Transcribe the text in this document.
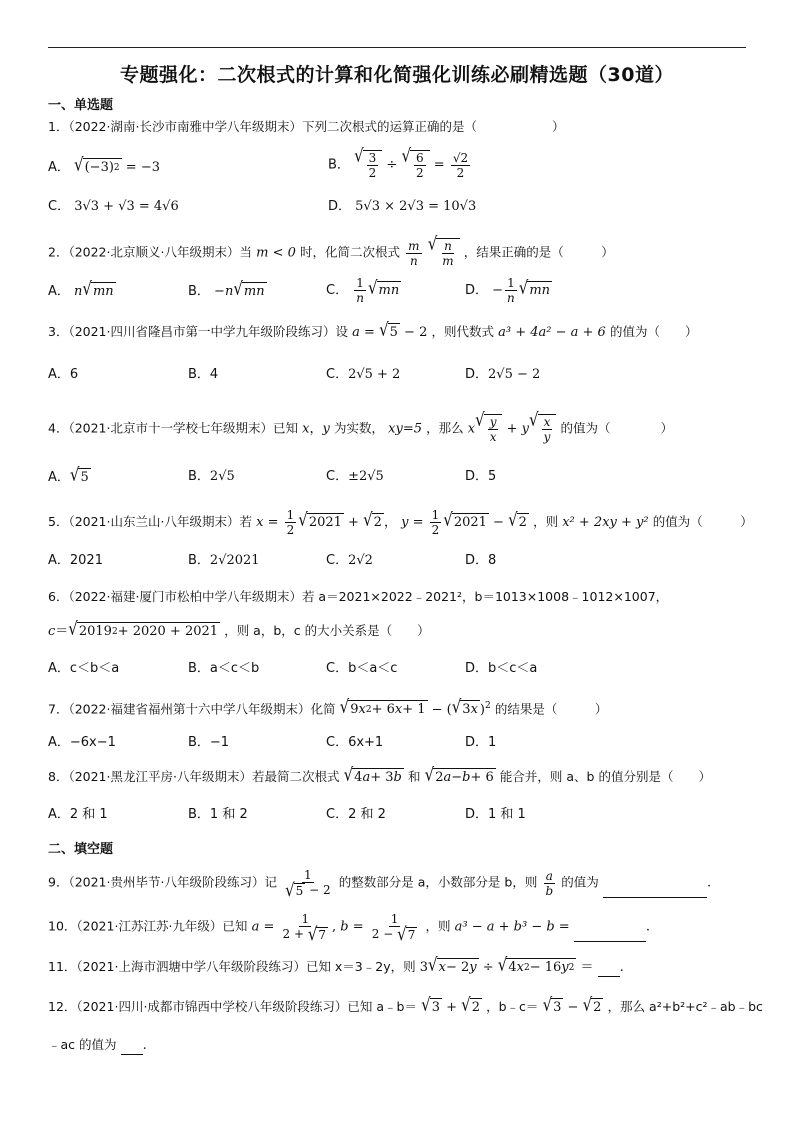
专题强化：二次根式的计算和化简强化训练必刷精选题（30道）
一、单选题
1．（2022·湖南·长沙市南雅中学八年级期末）下列二次根式的运算正确的是（　　　　　　）
A． √ (−3) 2 = −3	B． √ $\frac{3}{2}$ ÷ √ $\frac{6}{2} = \frac{√2}{2}$
C． 3√3 + √3 = 4√6	D． 5√3 × 2√3 = 10√3
2．（2022·北京顺义·八年级期末）当 m < 0 时，化简二次根式 $\frac{m}{n}$
√ $\frac{n}{m}$ ，结果正确的是（　　　）
A． n √ mn	B． −n √ mn	C． $\frac{1}{n}$ √ mn	D． − $\frac{1}{n}$ √ mn
3．（2021·四川省隆昌市第一中学九年级阶段练习）设 a = √ 5 − 2 ，则代数式 a³ + 4a² − a + 6 的值为（　　）
A．6	B．4	C．2√5 + 2	D．2√5 − 2
4．（2021·北京市十一学校七年级期末）已知 x，y 为实数， xy=5 ，那么 x √ $\frac{y}{x} + y$ √ $\frac{x}{y}$ 的值为（　　　　）
A． √ 5	B．2√5	C．±2√5	D．5
5．（2021·山东兰山·八年级期末）若 $x = \frac{1}{2}$ √ 2021 + √ 2 ， $y = \frac{1}{2}$ √ 2021 − √ 2 ，则 x² + 2xy + y² 的值为（　　　）
A．2021	B．2√2021	C．2√2	D．8
6．（2022·福建·厦门市松柏中学八年级期末）若 a＝2021×2022﹣2021²，b＝1013×1008﹣1012×1007，
c＝ √ 2019 2 + 2020 + 2021 ，则 a，b，c 的大小关系是（　　）
A．c＜b＜a	B．a＜c＜b	C．b＜a＜c	D．b＜c＜a
7．（2022·福建省福州第十六中学八年级期末）化简 √ 9 x 2 + 6 x + 1 − ( √ 3 x )$^2$ 的结果是（　　　）
A．−6x−1	B．−1	C．6x+1	D．1
8．（2021·黑龙江平房·八年级期末）若最简二次根式 √ 4 a + 3 b 和 √ 2 a − b + 6 能合并，则 a、b 的值分别是（　　）
A．2 和 1	B．1 和 2	C．2 和 2	D．1 和 1
二、填空题
9．（2021·贵州毕节·八年级阶段练习）记 $\frac{1}{√ 5 - 2}$ 的整数部分是 a，小数部分是 b，则 $\frac{a}{b}$ 的值为	.
10．（2021·江苏江苏·九年级）已知 $a = \frac{1}{2 + √ 7}$ , $b = \frac{1}{2 - √ 7}$ ，则 a³ − a + b³ − b =	.
11．（2021·上海市泗塘中学八年级阶段练习）已知 x＝3﹣2y，则 3 √ x − 2 y ÷ √ 4 x 2 − 16 y 2 ＝ .
12．（2021·四川·成都市锦西中学校八年级阶段练习）已知 a﹣b＝ √ 3 + √ 2 ，b﹣c＝ √ 3 − √ 2 ，那么 a²+b²+c²﹣ab﹣bc
﹣ac 的值为 .
